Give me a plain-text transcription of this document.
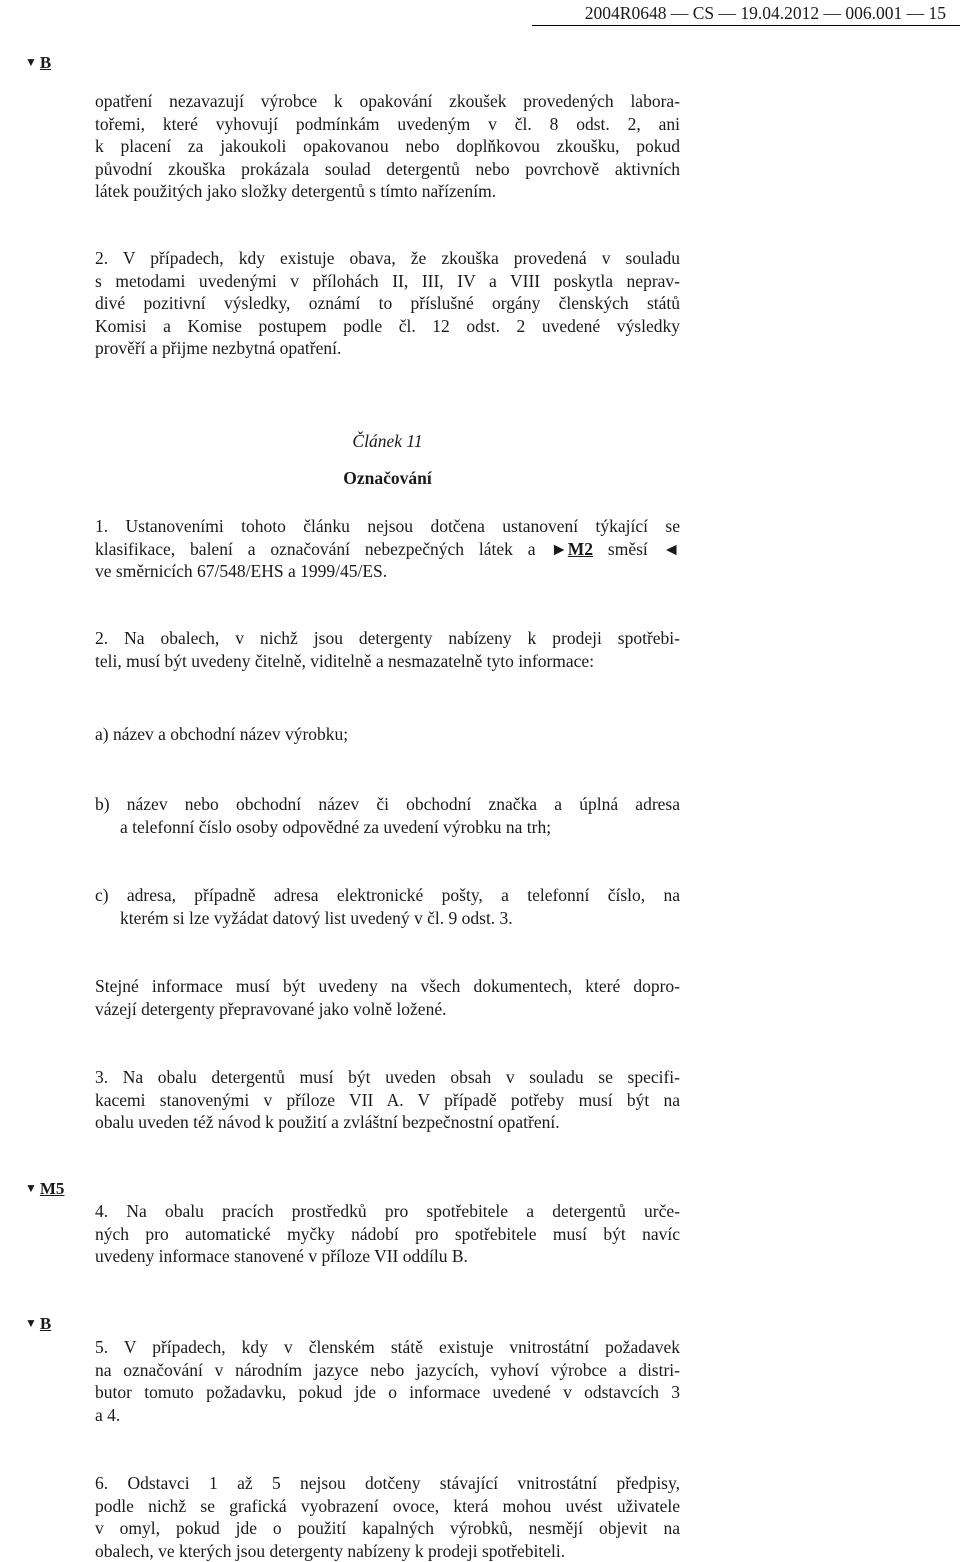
2004R0648 — CS — 19.04.2012 — 006.001 — 15
▼ B
opatření nezavazují výrobce k opakování zkoušek provedených labora-
tořemi, které vyhovují podmínkám uvedeným v čl. 8 odst. 2, ani
k placení za jakoukoli opakovanou nebo doplňkovou zkoušku, pokud
původní zkouška prokázala soulad detergentů nebo povrchově aktivních
látek použitých jako složky detergentů s tímto nařízením.
2. V případech, kdy existuje obava, že zkouška provedená v souladu
s metodami uvedenými v přílohách II, III, IV a VIII poskytla neprav-
divé pozitivní výsledky, oznámí to příslušné orgány členských států
Komisi a Komise postupem podle čl. 12 odst. 2 uvedené výsledky
prověří a přijme nezbytná opatření.
Článek 11
Označování
1. Ustanoveními tohoto článku nejsou dotčena ustanovení týkající se
klasifikace, balení a označování nebezpečných látek a ►M2 směsí ◄
ve směrnicích 67/548/EHS a 1999/45/ES.
2. Na obalech, v nichž jsou detergenty nabízeny k prodeji spotřebi-
teli, musí být uvedeny čitelně, viditelně a nesmazatelně tyto informace:
a) název a obchodní název výrobku;
b) název nebo obchodní název či obchodní značka a úplná adresa
a telefonní číslo osoby odpovědné za uvedení výrobku na trh;
c) adresa, případně adresa elektronické pošty, a telefonní číslo, na
kterém si lze vyžádat datový list uvedený v čl. 9 odst. 3.
Stejné informace musí být uvedeny na všech dokumentech, které dopro-
vázejí detergenty přepravované jako volně ložené.
3. Na obalu detergentů musí být uveden obsah v souladu se specifi-
kacemi stanovenými v příloze VII A. V případě potřeby musí být na
obalu uveden též návod k použití a zvláštní bezpečnostní opatření.
▼ M5
4. Na obalu pracích prostředků pro spotřebitele a detergentů urče-
ných pro automatické myčky nádobí pro spotřebitele musí být navíc
uvedeny informace stanovené v příloze VII oddílu B.
▼ B
5. V případech, kdy v členském státě existuje vnitrostátní požadavek
na označování v národním jazyce nebo jazycích, vyhoví výrobce a distri-
butor tomuto požadavku, pokud jde o informace uvedené v odstavcích 3
a 4.
6. Odstavci 1 až 5 nejsou dotčeny stávající vnitrostátní předpisy,
podle nichž se grafická vyobrazení ovoce, která mohou uvést uživatele
v omyl, pokud jde o použití kapalných výrobků, nesmějí objevit na
obalech, ve kterých jsou detergenty nabízeny k prodeji spotřebiteli.
